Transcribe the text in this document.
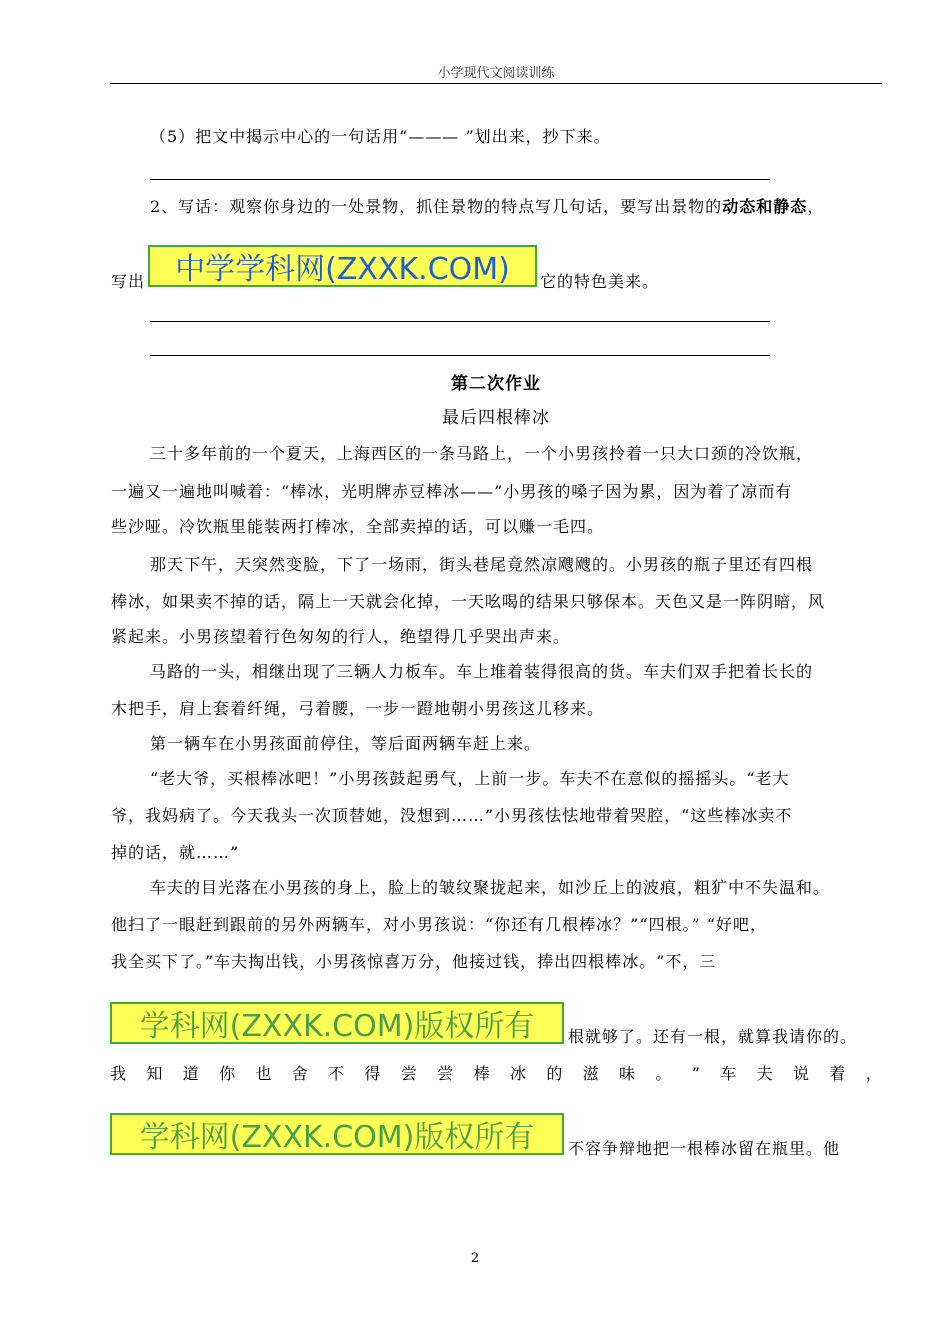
小学现代文阅读训练
（5）把文中揭示中心的一句话用“——— ”划出来，抄下来。
2、写话：观察你身边的一处景物，抓住景物的特点写几句话，要写出景物的动态和静态，
写出	中学学科网(ZXXK.COM)	它的特色美来。
第二次作业
最后四根棒冰
三十多年前的一个夏天，上海西区的一条马路上，一个小男孩拎着一只大口颈的冷饮瓶，
一遍又一遍地叫喊着：“棒冰，光明牌赤豆棒冰——”小男孩的嗓子因为累，因为着了凉而有
些沙哑。冷饮瓶里能装两打棒冰，全部卖掉的话，可以赚一毛四。
那天下午，天突然变脸，下了一场雨，街头巷尾竟然凉飕飕的。小男孩的瓶子里还有四根
棒冰，如果卖不掉的话，隔上一天就会化掉，一天吆喝的结果只够保本。天色又是一阵阴暗，风
紧起来。小男孩望着行色匆匆的行人，绝望得几乎哭出声来。
马路的一头，相继出现了三辆人力板车。车上堆着装得很高的货。车夫们双手把着长长的
木把手，肩上套着纤绳，弓着腰，一步一蹬地朝小男孩这儿移来。
第一辆车在小男孩面前停住，等后面两辆车赶上来。
“老大爷，买根棒冰吧！”小男孩鼓起勇气，上前一步。车夫不在意似的摇摇头。“老大
爷，我妈病了。今天我头一次顶替她，没想到……”小男孩怯怯地带着哭腔，“这些棒冰卖不
掉的话，就……”
车夫的目光落在小男孩的身上，脸上的皱纹聚拢起来，如沙丘上的波痕，粗犷中不失温和。
他扫了一眼赶到跟前的另外两辆车，对小男孩说：“你还有几根棒冰？”“四根。” “好吧，
我全买下了。”车夫掏出钱，小男孩惊喜万分，他接过钱，捧出四根棒冰。“不，三
学科网(ZXXK.COM)版权所有	根就够了。还有一根，就算我请你的。
我 知 道 你 也 舍 不 得 尝 尝 棒 冰 的 滋 味 。 ” 车 夫 说 着 ，
学科网(ZXXK.COM)版权所有	不容争辩地把一根棒冰留在瓶里。他
2
